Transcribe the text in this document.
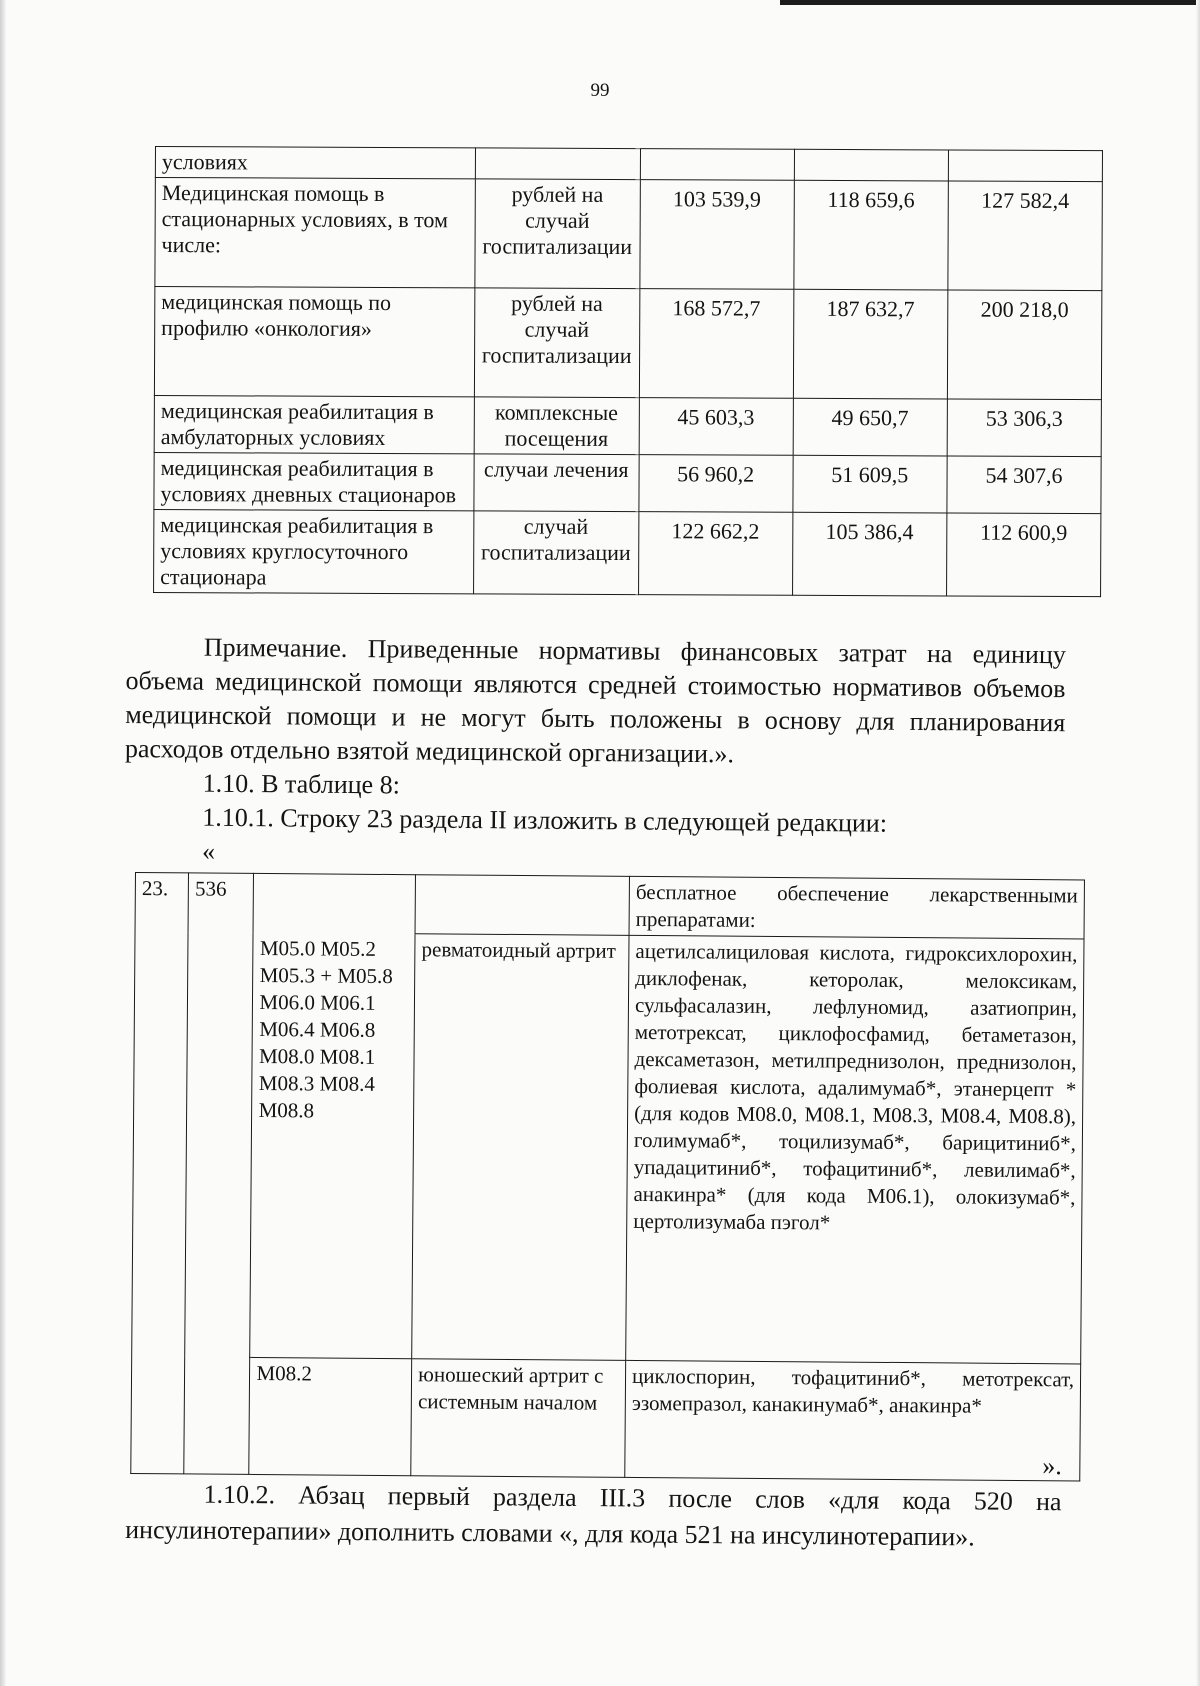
99
условиях				
Медицинская помощь в стационарных условиях, в том числе:	рублей на случай госпитализации	103 539,9	118 659,6	127 582,4
медицинская помощь по профилю «онкология»	рублей на случай госпитализации	168 572,7	187 632,7	200 218,0
медицинская реабилитация в амбулаторных условиях	комплексные посещения	45 603,3	49 650,7	53 306,3
медицинская реабилитация в условиях дневных стационаров	случаи лечения	56 960,2	51 609,5	54 307,6
медицинская реабилитация в условиях круглосуточного стационара	случай госпитализации	122 662,2	105 386,4	112 600,9

Примечание. Приведенные нормативы финансовых затрат на единицу объема медицинской помощи являются средней стоимостью нормативов объемов медицинской помощи и не могут быть положены в основу для планирования расходов отдельно взятой медицинской организации.».

1.10. В таблице 8:

1.10.1. Строку 23 раздела II изложить в следующей редакции:

«

23.	536			бесплатное обеспечение лекарственными препаратами:
		M05.0 M05.2 M05.3 + M05.8 M06.0 M06.1 M06.4 M06.8 M08.0 M08.1 M08.3 M08.4 M08.8	ревматоидный артрит	ацетилсалициловая кислота, гидроксихлорохин, диклофенак, кеторолак, мелоксикам, сульфасалазин, лефлуномид, азатиоприн, метотрексат, циклофосфамид, бетаметазон, дексаметазон, метилпреднизолон, преднизолон, фолиевая кислота, адалимумаб*, этанерцепт * (для кодов M08.0, M08.1, M08.3, M08.4, M08.8), голимумаб*, тоцилизумаб*, барицитиниб*, упадацитиниб*, тофацитиниб*, левилимаб*, анакинра* (для кода M06.1), олокизумаб*, цертолизумаба пэгол*
		M08.2	юношеский артрит с системным началом	циклоспорин, тофацитиниб*, метотрексат, эзомепразол, канакинумаб*, анакинра*

».

1.10.2. Абзац первый раздела III.3 после слов «для кода 520 на инсулинотерапии» дополнить словами «, для кода 521 на инсулинотерапии».
